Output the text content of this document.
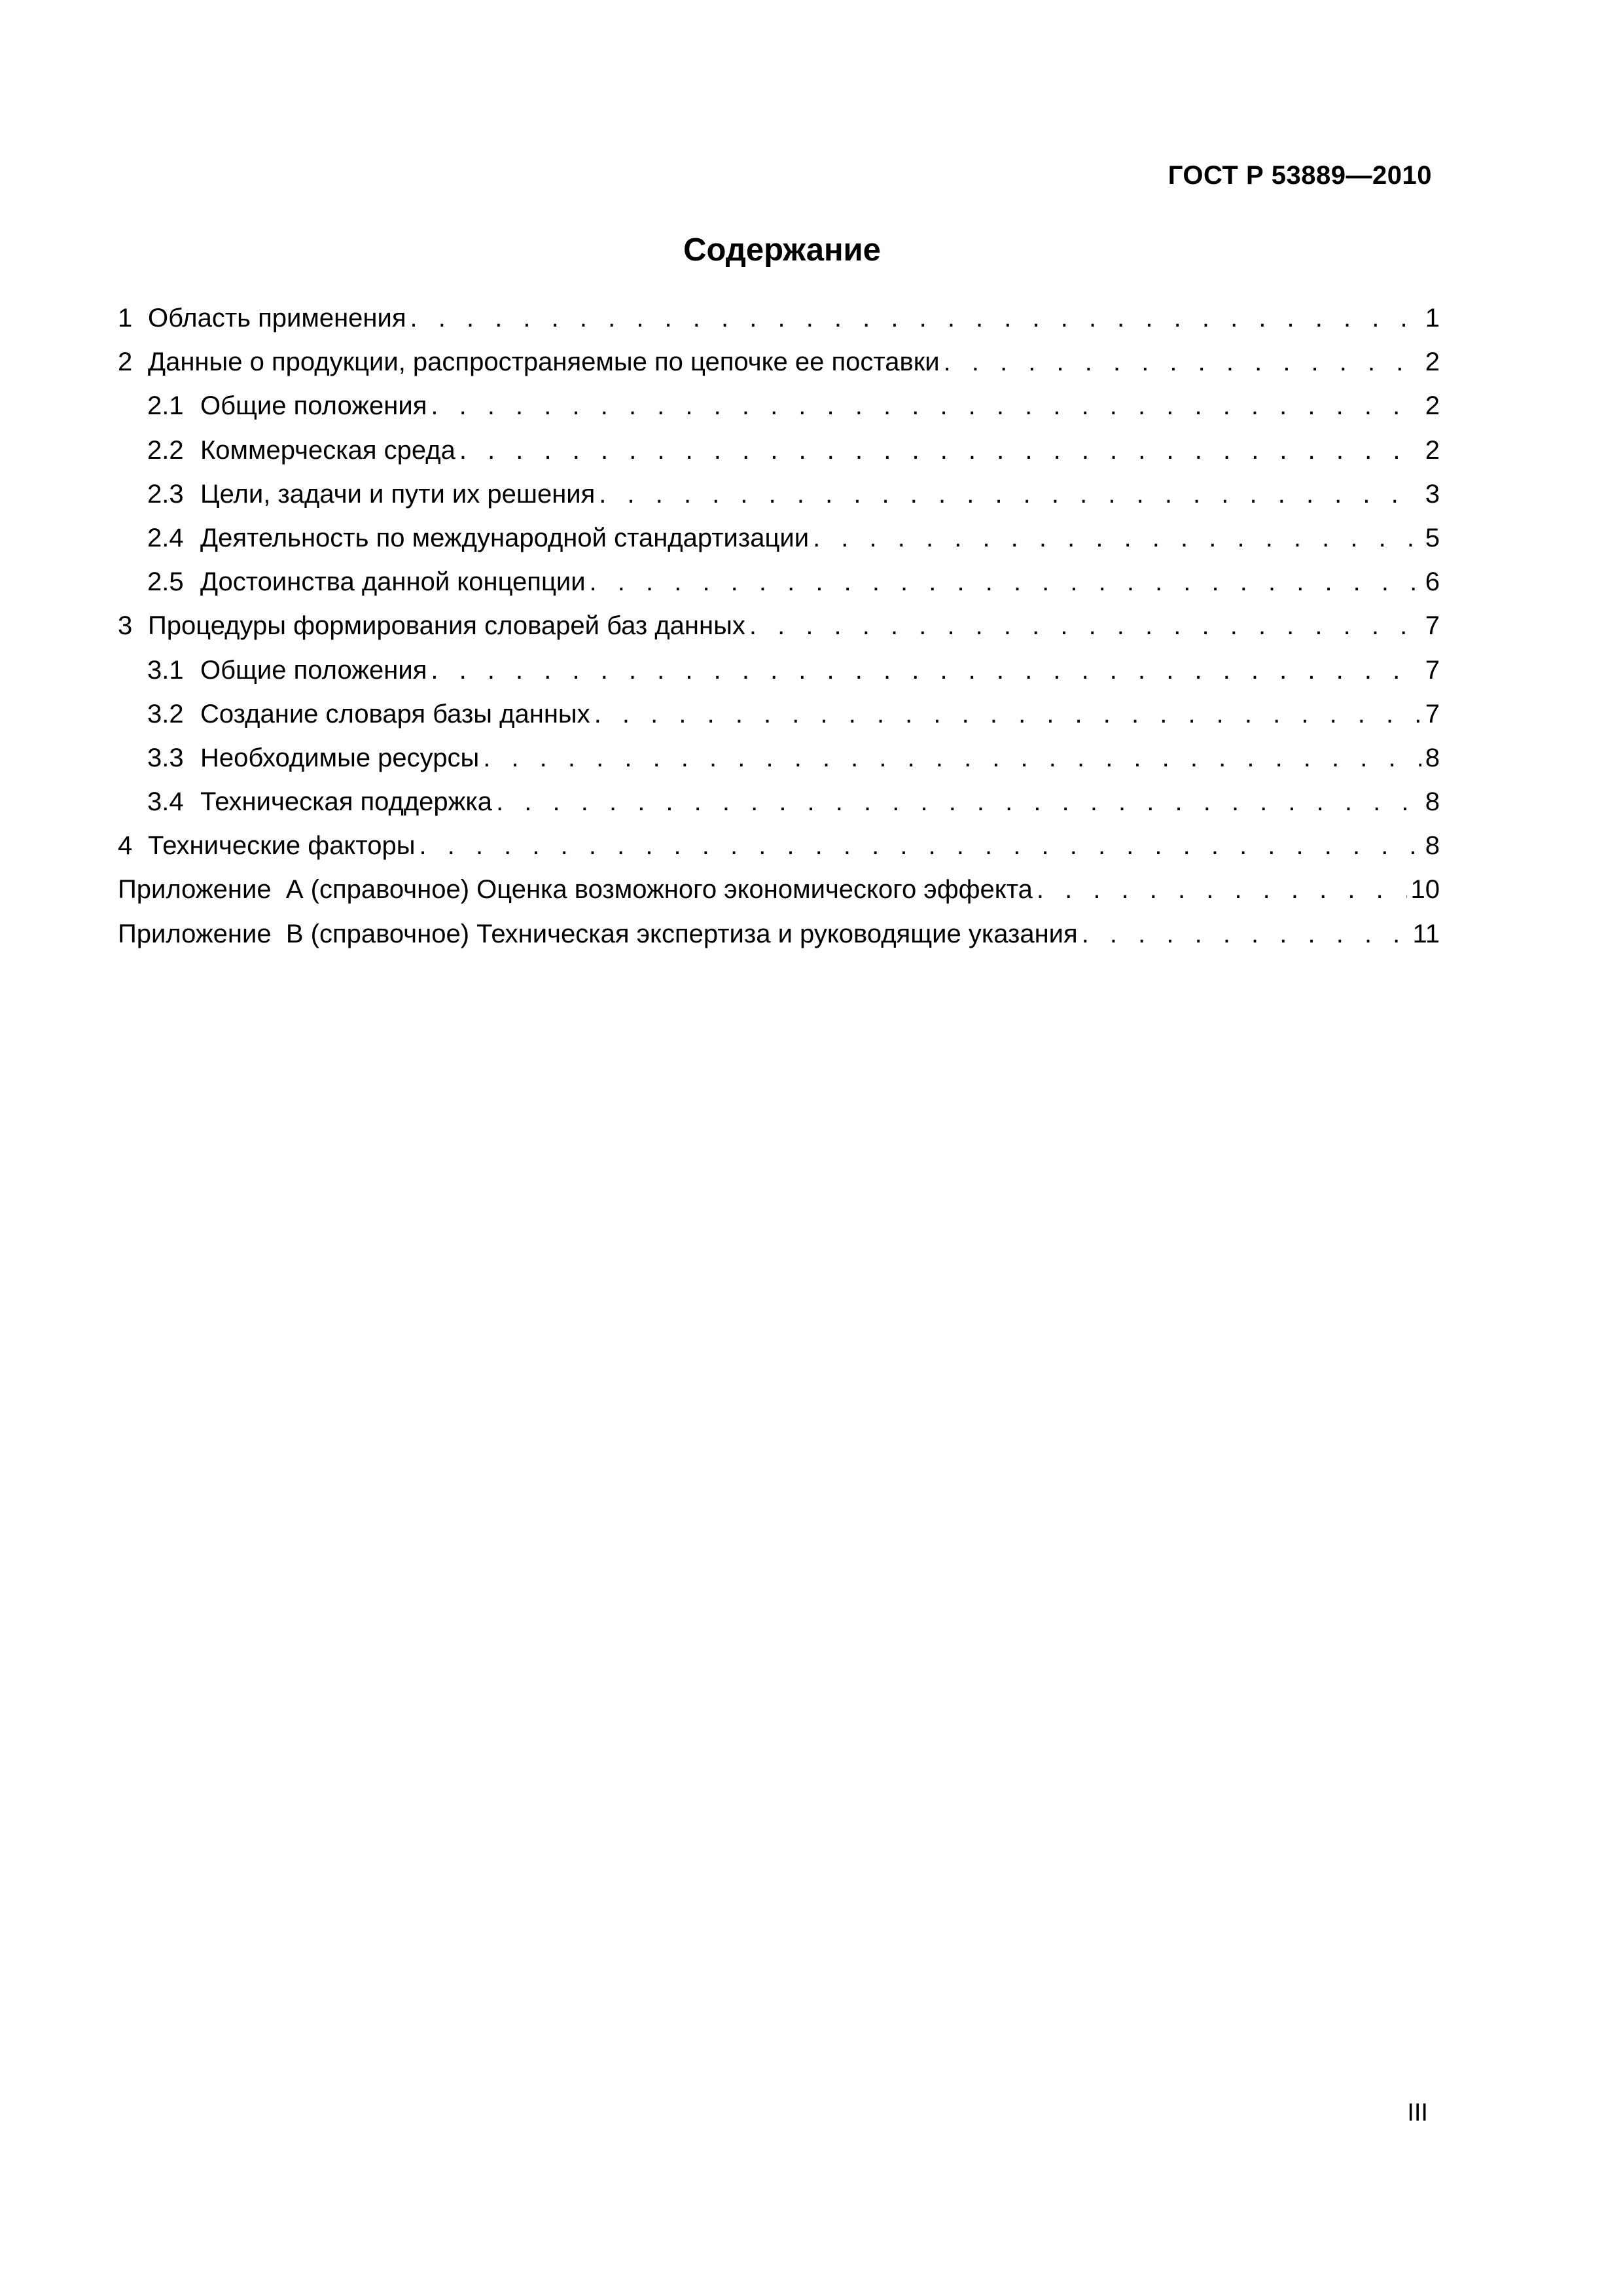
ГОСТ Р 53889—2010
Содержание
1 Область применения . . .	1
2 Данные о продукции, распространяемые по цепочке ее поставки . . .	2
2.1 Общие положения . . .	2
2.2 Коммерческая среда . . .	2
2.3 Цели, задачи и пути их решения . . .	3
2.4 Деятельность по международной стандартизации . . .	5
2.5 Достоинства данной концепции . . .	6
3 Процедуры формирования словарей баз данных . . .	7
3.1 Общие положения . . .	7
3.2 Создание словаря базы данных . . .	7
3.3 Необходимые ресурсы . . .	8
3.4 Техническая поддержка . . .	8
4 Технические факторы . . .	8
Приложение  А (справочное) Оценка возможного экономического эффекта . . .	10
Приложение  В (справочное) Техническая экспертиза и руководящие указания . . .	11
III
